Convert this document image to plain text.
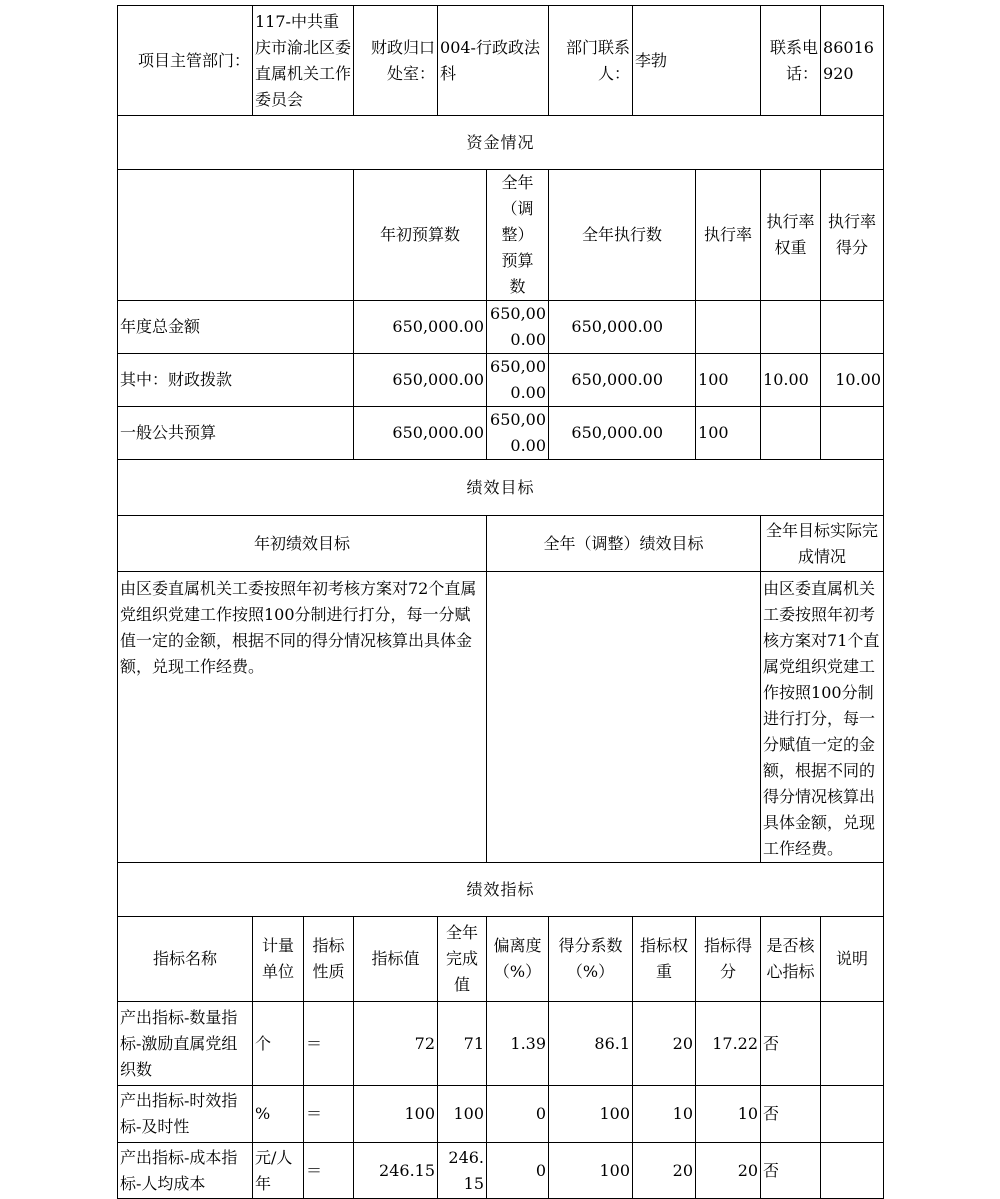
项目主管部门：	117-中共重庆市渝北区委直属机关工作委员会		财政归口处室：	004-行政政法科		部门联系人：	李勃		联系电话：	86016920
资金情况										
			年初预算数		全年（调整）预算数	全年执行数		执行率	执行率权重	执行率得分
年度总金额			650,000.00		650,000.00	650,000.00				
其中：财政拨款			650,000.00		650,000.00	650,000.00		100	10.00	10.00
一般公共预算			650,000.00		650,000.00	650,000.00		100		
绩效目标										
年初绩效目标					全年（调整）绩效目标				全年目标实际完成情况	
由区委直属机关工委按照年初考核方案对72个直属党组织党建工作按照100分制进行打分，每一分赋值一定的金额，根据不同的得分情况核算出具体金额，兑现工作经费。									由区委直属机关工委按照年初考核方案对71个直属党组织党建工作按照100分制进行打分，每一分赋值一定的金额，根据不同的得分情况核算出具体金额，兑现工作经费。	
绩效指标										
指标名称	计量单位	指标性质	指标值	全年完成值	偏离度（%）	得分系数（%）	指标权重	指标得分	是否核心指标	说明
产出指标-数量指标-激励直属党组织数	个	＝	72	71	1.39	86.1	20	17.22	否	
产出指标-时效指标-及时性	%	＝	100	100	0	100	10	10	否	
产出指标-成本指标-人均成本	元/人年	＝	246.15	246.15	0	100	20	20	否	
